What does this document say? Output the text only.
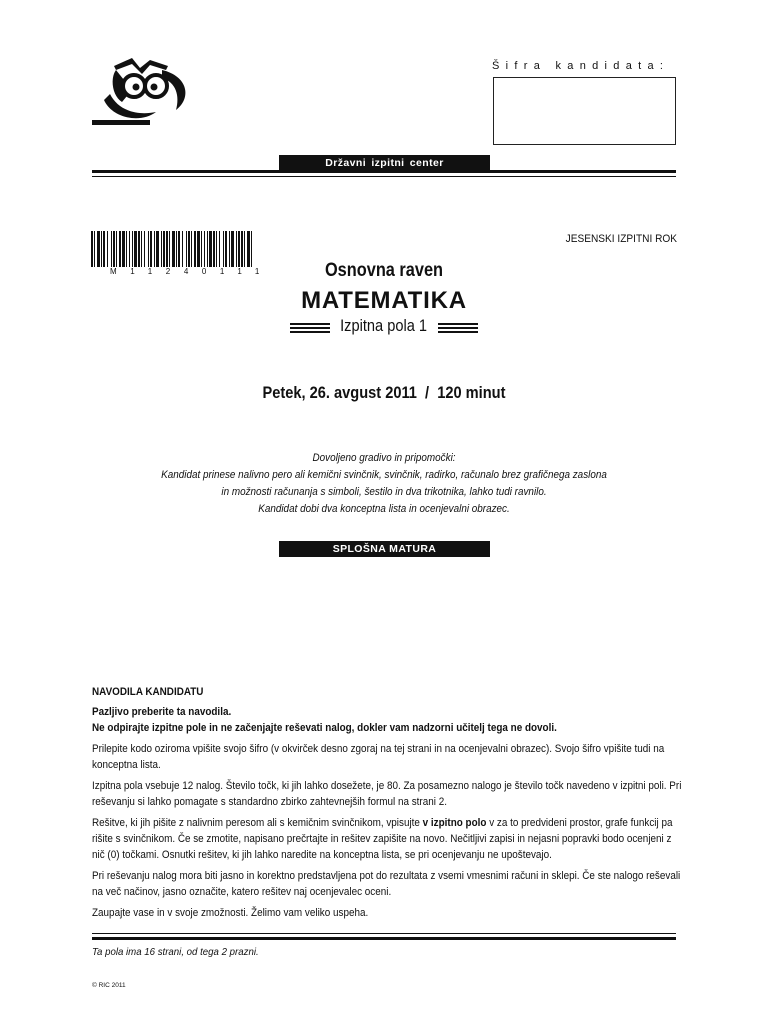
Šifra kandidata:
Državni izpitni center
M11240111
JESENSKI IZPITNI ROK
Osnovna raven
MATEMATIKA
Izpitna pola 1
Petek, 26. avgust 2011  /  120 minut
Dovoljeno gradivo in pripomočki:
Kandidat prinese nalivno pero ali kemični svinčnik, svinčnik, radirko, računalo brez grafičnega zaslona
in možnosti računanja s simboli, šestilo in dva trikotnika, lahko tudi ravnilo.
Kandidat dobi dva konceptna lista in ocenjevalni obrazec.
SPLOŠNA MATURA

NAVODILA KANDIDATU

Pazljivo preberite ta navodila.

Ne odpirajte izpitne pole in ne začenjajte reševati nalog, dokler vam nadzorni učitelj tega ne dovoli.

Prilepite kodo oziroma vpišite svojo šifro (v okvirček desno zgoraj na tej strani in na ocenjevalni obrazec). Svojo šifro vpišite tudi na konceptna lista.

Izpitna pola vsebuje 12 nalog. Število točk, ki jih lahko dosežete, je 80. Za posamezno nalogo je število točk navedeno v izpitni poli. Pri reševanju si lahko pomagate s standardno zbirko zahtevnejših formul na strani 2.

Rešitve, ki jih pišite z nalivnim peresom ali s kemičnim svinčnikom, vpisujte v izpitno polo v za to predvideni prostor, grafe funkcij pa rišite s svinčnikom. Če se zmotite, napisano prečrtajte in rešitev zapišite na novo. Nečitljivi zapisi in nejasni popravki bodo ocenjeni z nič (0) točkami. Osnutki rešitev, ki jih lahko naredite na konceptna lista, se pri ocenjevanju ne upoštevajo.

Pri reševanju nalog mora biti jasno in korektno predstavljena pot do rezultata z vsemi vmesnimi računi in sklepi. Če ste nalogo reševali na več načinov, jasno označite, katero rešitev naj ocenjevalec oceni.

Zaupajte vase in v svoje zmožnosti. Želimo vam veliko uspeha.

Ta pola ima 16 strani, od tega 2 prazni.
© RIC 2011
